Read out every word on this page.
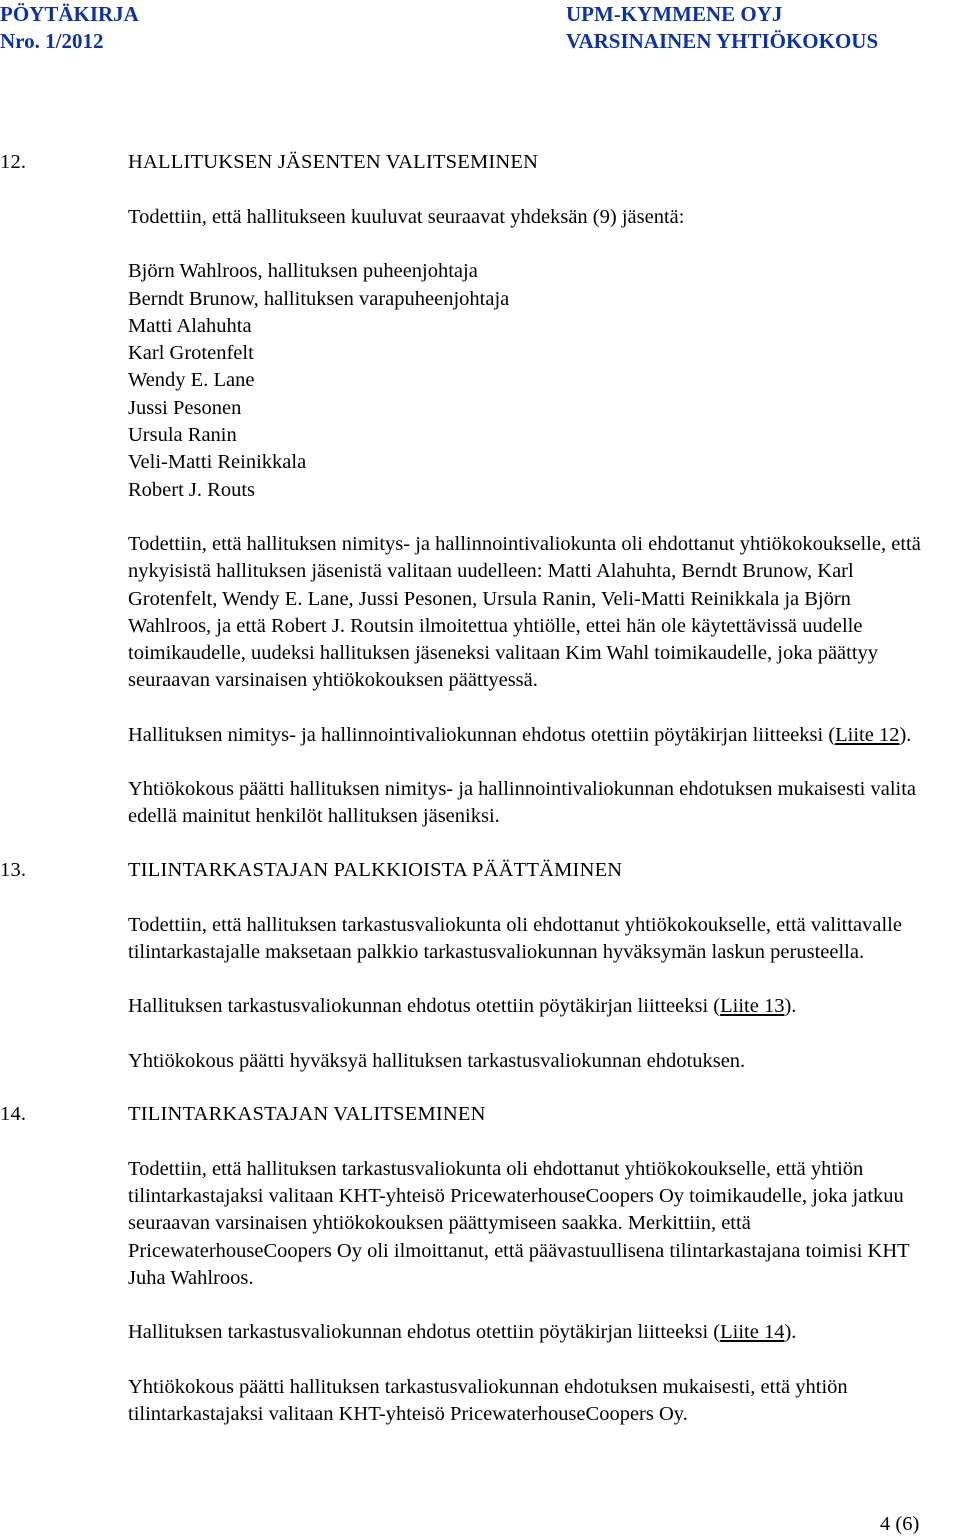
PÖYTÄKIRJA
Nro. 1/2012
UPM-KYMMENE OYJ
VARSINAINEN YHTIÖKOKOUS
12.	HALLITUKSEN JÄSENTEN VALITSEMINEN

Todettiin, että hallitukseen kuuluvat seuraavat yhdeksän (9) jäsentä:

Björn Wahlroos, hallituksen puheenjohtaja
Berndt Brunow, hallituksen varapuheenjohtaja
Matti Alahuhta
Karl Grotenfelt
Wendy E. Lane
Jussi Pesonen
Ursula Ranin
Veli-Matti Reinikkala
Robert J. Routs

Todettiin, että hallituksen nimitys- ja hallinnointivaliokunta oli ehdottanut yhtiökokoukselle, että nykyisistä hallituksen jäsenistä valitaan uudelleen: Matti Alahuhta, Berndt Brunow, Karl Grotenfelt, Wendy E. Lane, Jussi Pesonen, Ursula Ranin, Veli-Matti Reinikkala ja Björn Wahlroos, ja että Robert J. Routsin ilmoitettua yhtiölle, ettei hän ole käytettävissä uudelle toimikaudelle, uudeksi hallituksen jäseneksi valitaan Kim Wahl toimikaudelle, joka päättyy seuraavan varsinaisen yhtiökokouksen päättyessä.

Hallituksen nimitys- ja hallinnointivaliokunnan ehdotus otettiin pöytäkirjan liitteeksi (Liite 12).

Yhtiökokous päätti hallituksen nimitys- ja hallinnointivaliokunnan ehdotuksen mukaisesti valita edellä mainitut henkilöt hallituksen jäseniksi.

13.	TILINTARKASTAJAN PALKKIOISTA PÄÄTTÄMINEN

Todettiin, että hallituksen tarkastusvaliokunta oli ehdottanut yhtiökokoukselle, että valittavalle tilintarkastajalle maksetaan palkkio tarkastusvaliokunnan hyväksymän laskun perusteella.

Hallituksen tarkastusvaliokunnan ehdotus otettiin pöytäkirjan liitteeksi (Liite 13).

Yhtiökokous päätti hyväksyä hallituksen tarkastusvaliokunnan ehdotuksen.

14.	TILINTARKASTAJAN VALITSEMINEN

Todettiin, että hallituksen tarkastusvaliokunta oli ehdottanut yhtiökokoukselle, että yhtiön tilintarkastajaksi valitaan KHT-yhteisö PricewaterhouseCoopers Oy toimikaudelle, joka jatkuu seuraavan varsinaisen yhtiökokouksen päättymiseen saakka. Merkittiin, että PricewaterhouseCoopers Oy oli ilmoittanut, että päävastuullisena tilintarkastajana toimisi KHT Juha Wahlroos.

Hallituksen tarkastusvaliokunnan ehdotus otettiin pöytäkirjan liitteeksi (Liite 14).

Yhtiökokous päätti hallituksen tarkastusvaliokunnan ehdotuksen mukaisesti, että yhtiön tilintarkastajaksi valitaan KHT-yhteisö PricewaterhouseCoopers Oy.

4 (6)
